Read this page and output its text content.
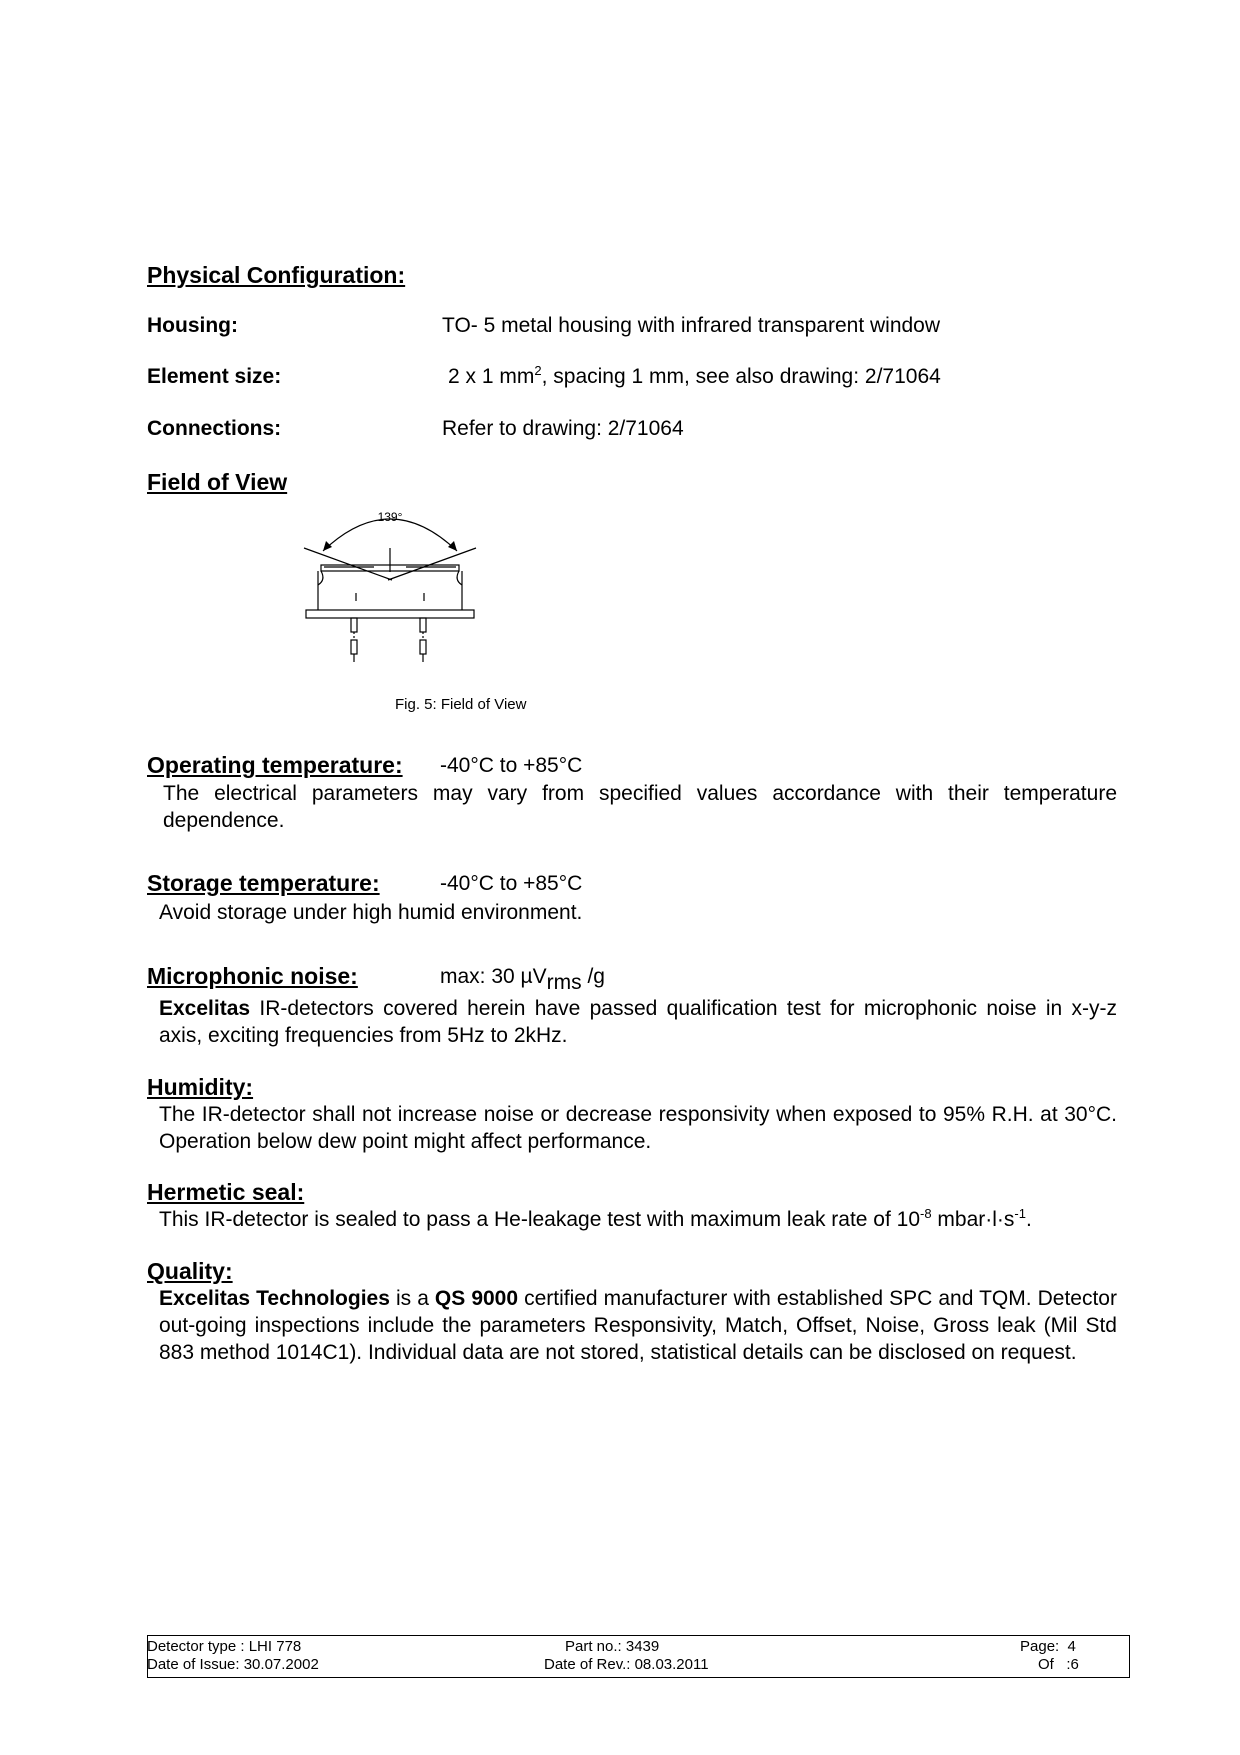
Physical Configuration:
Housing:	TO- 5 metal housing with infrared transparent window
Element size:	2 x 1 $mm^2$, spacing 1 mm, see also drawing: 2/71064
Connections:	Refer to drawing: 2/71064
Field of View
139°
Fig. 5: Field of View
Operating temperature: -40°C to +85°C
The electrical parameters may vary from specified values accordance with their temperature dependence.
Storage temperature:	-40°C to +85°C
Avoid storage under high humid environment.
Microphonic noise:	max: 30 µVrms /g
Excelitas IR-detectors covered herein have passed qualification test for microphonic noise in x-y-z axis, exciting frequencies from 5Hz to 2kHz.
Humidity:
The IR-detector shall not increase noise or decrease responsivity when exposed to 95% R.H. at 30°C. Operation below dew point might affect performance.
Hermetic seal:
This IR-detector is sealed to pass a He-leakage test with maximum leak rate of $10^{-8}$ $mbar\cdot l\cdot s^{-1}$.
Quality:
Excelitas Technologies is a QS 9000 certified manufacturer with established SPC and TQM. Detector out-going inspections include the parameters Responsivity, Match, Offset, Noise, Gross leak (Mil Std 883 method 1014C1). Individual data are not stored, statistical details can be disclosed on request.
Detector type : LHI 778
Date of Issue: 30.07.2002
Part no.: 3439
Date of Rev.: 08.03.2011
Page:  4
Of   :6
